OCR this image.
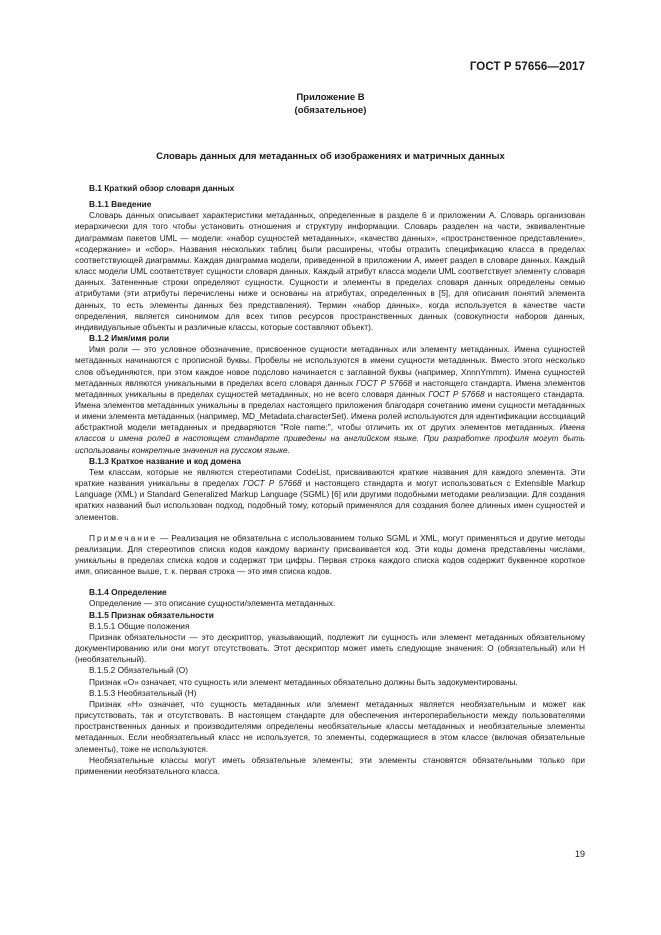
ГОСТ Р 57656—2017
Приложение В
(обязательное)
Словарь данных для метаданных об изображениях и матричных данных

В.1 Краткий обзор словаря данных

В.1.1 Введение

Словарь данных описывает характеристики метаданных, определенные в разделе 6 и приложении А. Словарь организован иерархически для того чтобы установить отношения и структуру информации. Словарь разделен на части, эквивалентные диаграммам пакетов UML — модели: «набор сущностей метаданных», «качество данных», «пространственное представление», «содержание» и «сбор». Названия нескольких таблиц были расширены, чтобы отразить спецификацию класса в пределах соответствующей диаграммы. Каждая диаграмма модели, приведенной в приложении А, имеет раздел в словаре данных. Каждый класс модели UML соответствует сущности словаря данных. Каждый атрибут класса модели UML соответствует элементу словаря данных. Затененные строки определяют сущности. Сущности и элементы в пределах словаря данных определены семью атрибутами (эти атрибуты перечислены ниже и основаны на атрибутах, определенных в [5], для описания понятий элемента данных, то есть элементы данных без представления). Термин «набор данных», когда используется в качестве части определения, является синонимом для всех типов ресурсов пространственных данных (совокупности наборов данных, индивидуальные объекты и различные классы, которые составляют объект).

В.1.2 Имя/имя роли

Имя роли — это условное обозначение, присвоенное сущности метаданных или элементу метаданных. Имена сущностей метаданных начинаются с прописной буквы. Пробелы не используются в имени сущности метаданных. Вместо этого несколько слов объединяются, при этом каждое новое подслово начинается с заглавной буквы (например, XnnnYmmm). Имена сущностей метаданных являются уникальными в пределах всего словаря данных ГОСТ Р 57668 и настоящего стандарта. Имена элементов метаданных уникальны в пределах сущностей метаданных, но не всего словаря данных ГОСТ Р 57668 и настоящего стандарта. Имена элементов метаданных уникальны в пределах настоящего приложения благодаря сочетанию имени сущности метаданных и имени элемента метаданных (например, MD_Metadata.characterSet). Имена ролей используются для идентификации ассоциаций абстрактной модели метаданных и предваряются "Role name:", чтобы отличить их от других элементов метаданных. Имена классов и имена ролей в настоящем стандарте приведены на английском языке. При разработке профиля могут быть использованы конкретные значения на русском языке.

В.1.3 Краткое название и код домена

Тем классам, которые не являются стереотипами CodeList, присваиваются краткие названия для каждого элемента. Эти краткие названия уникальны в пределах ГОСТ Р 57668 и настоящего стандарта и могут использоваться с Extensible Markup Language (XML) и Standard Generalized Markup Language (SGML) [6] или другими подобными методами реализации. Для создания кратких названий был использован подход, подобный тому, который применялся для создания более длинных имен сущностей и элементов.

Примечание — Реализация не обязательна с использованием только SGML и XML, могут применяться и другие методы реализации. Для стереотипов списка кодов каждому варианту присваивается код. Эти коды домена представлены числами, уникальны в пределах списка кодов и содержат три цифры. Первая строка каждого списка кодов содержит буквенное короткое имя, описанное выше, т. к. первая строка — это имя списка кодов.

В.1.4 Определение

Определение — это описание сущности/элемента метаданных.

В.1.5 Признак обязательности

В.1.5.1 Общие положения

Признак обязательности — это дескриптор, указывающий, подлежит ли сущность или элемент метаданных обязательному документированию или они могут отсутствовать. Этот дескриптор может иметь следующие значения: О (обязательный) или Н (необязательный).

В.1.5.2 Обязательный (О)

Признак «О» означает, что сущность или элемент метаданных обязательно должны быть задокументированы.

В.1.5.3 Необязательный (Н)

Признак «Н» означает, что сущность метаданных или элемент метаданных является необязательным и может как присутствовать, так и отсутствовать. В настоящем стандарте для обеспечения интероперабельности между пользователями пространственных данных и производителями определены необязательные классы метаданных и необязательные элементы метаданных. Если необязательный класс не используется, то элементы, содержащиеся в этом классе (включая обязательные элементы), тоже не используются.

Необязательные классы могут иметь обязательные элементы; эти элементы становятся обязательными только при применении необязательного класса.

19
